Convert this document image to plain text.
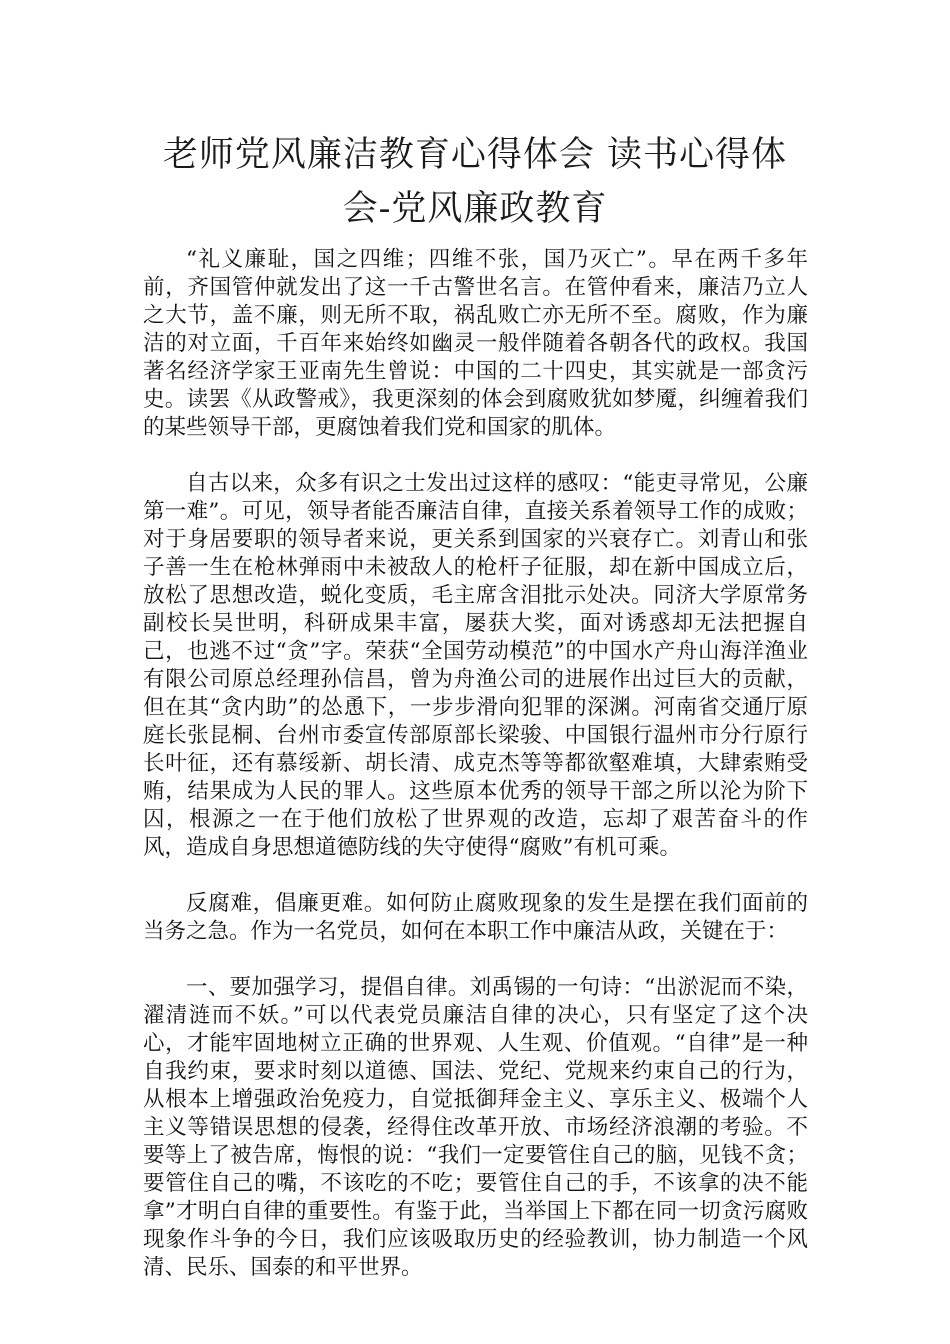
老师党风廉洁教育心得体会 读书心得体
会-党风廉政教育

“礼义廉耻，国之四维；四维不张，国乃灭亡”。早在两千多年前，齐国管仲就发出了这一千古警世名言。在管仲看来，廉洁乃立人之大节，盖不廉，则无所不取，祸乱败亡亦无所不至。腐败，作为廉洁的对立面，千百年来始终如幽灵一般伴随着各朝各代的政权。我国著名经济学家王亚南先生曾说：中国的二十四史，其实就是一部贪污史。读罢《从政警戒》，我更深刻的体会到腐败犹如梦魇，纠缠着我们的某些领导干部，更腐蚀着我们党和国家的肌体。

自古以来，众多有识之士发出过这样的感叹：“能吏寻常见，公廉第一难”。可见，领导者能否廉洁自律，直接关系着领导工作的成败；对于身居要职的领导者来说，更关系到国家的兴衰存亡。刘青山和张子善一生在枪林弹雨中未被敌人的枪杆子征服，却在新中国成立后，放松了思想改造，蜕化变质，毛主席含泪批示处决。同济大学原常务副校长吴世明，科研成果丰富，屡获大奖，面对诱惑却无法把握自己，也逃不过“贪”字。荣获“全国劳动模范”的中国水产舟山海洋渔业有限公司原总经理孙信昌，曾为舟渔公司的进展作出过巨大的贡献，但在其“贪内助”的怂恿下，一步步滑向犯罪的深渊。河南省交通厅原庭长张昆桐、台州市委宣传部原部长梁骏、中国银行温州市分行原行长叶征，还有慕绥新、胡长清、成克杰等等都欲壑难填，大肆索贿受贿，结果成为人民的罪人。这些原本优秀的领导干部之所以沦为阶下囚，根源之一在于他们放松了世界观的改造，忘却了艰苦奋斗的作风，造成自身思想道德防线的失守使得“腐败”有机可乘。

反腐难，倡廉更难。如何防止腐败现象的发生是摆在我们面前的当务之急。作为一名党员，如何在本职工作中廉洁从政，关键在于：

一、要加强学习，提倡自律。刘禹锡的一句诗：“出淤泥而不染，濯清涟而不妖。”可以代表党员廉洁自律的决心，只有坚定了这个决心，才能牢固地树立正确的世界观、人生观、价值观。“自律”是一种自我约束，要求时刻以道德、国法、党纪、党规来约束自己的行为，从根本上增强政治免疫力，自觉抵御拜金主义、享乐主义、极端个人主义等错误思想的侵袭，经得住改革开放、市场经济浪潮的考验。不要等上了被告席，悔恨的说：“我们一定要管住自己的脑，见钱不贪；要管住自己的嘴，不该吃的不吃；要管住自己的手，不该拿的决不能拿”才明白自律的重要性。有鉴于此，当举国上下都在同一切贪污腐败现象作斗争的今日，我们应该吸取历史的经验教训，协力制造一个风清、民乐、国泰的和平世界。
